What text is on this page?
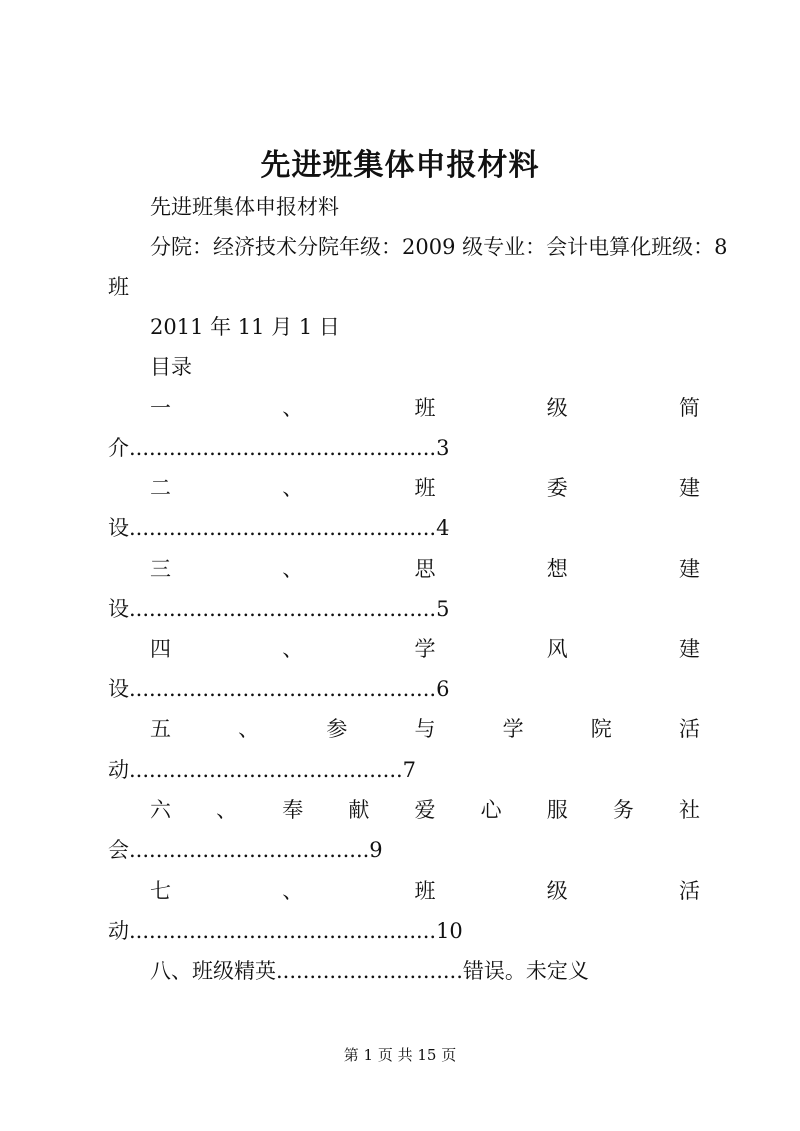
先进班集体申报材料
先进班集体申报材料
分院：经济技术分院年级：2009 级专业：会计电算化班级：8
班
2011 年 11 月 1 日
目录
一	、	班	级	简
介..............................................3
二	、	班	委	建
设..............................................4
三	、	思	想	建
设..............................................5
四	、	学	风	建
设..............................................6
五	、	参	与	学	院	活
动.........................................7
六 、 奉 献 爱 心 服 务 社
会....................................9
七	、	班	级	活
动..............................................10
八、班级精英............................错误。未定义
第 1 页 共 15 页
